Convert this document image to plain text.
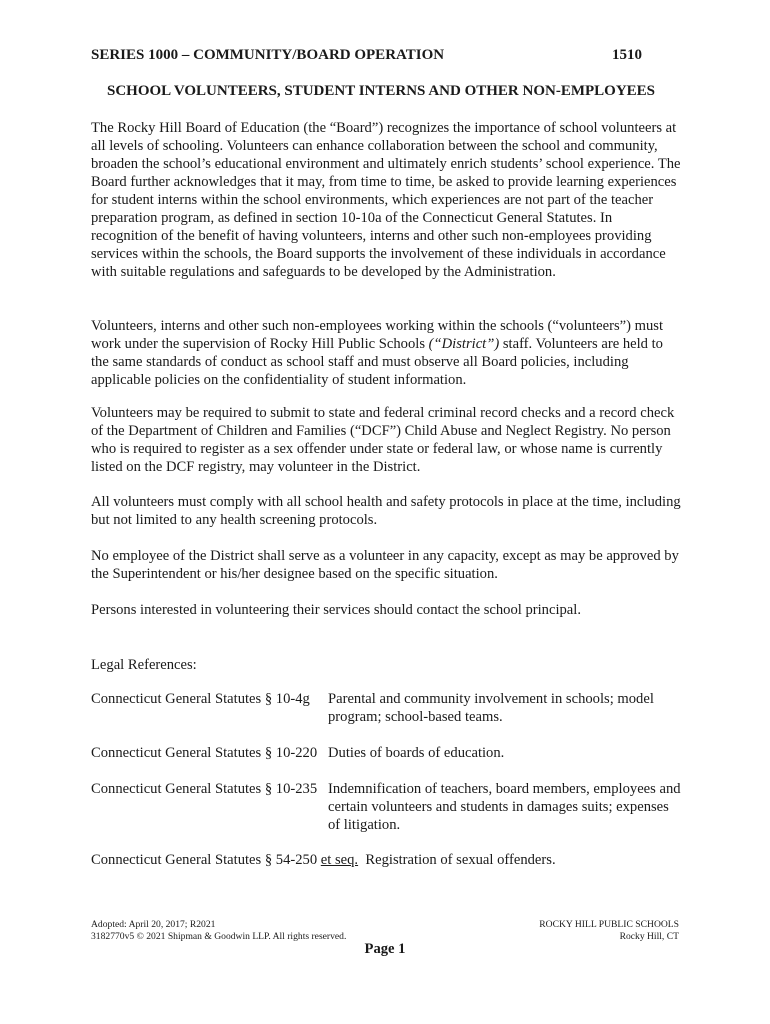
SERIES 1000 – COMMUNITY/BOARD OPERATION	1510
SCHOOL VOLUNTEERS, STUDENT INTERNS AND OTHER NON-EMPLOYEES

The Rocky Hill Board of Education (the “Board”) recognizes the importance of school volunteers at all levels of schooling. Volunteers can enhance collaboration between the school and community, broaden the school’s educational environment and ultimately enrich students’ school experience. The Board further acknowledges that it may, from time to time, be asked to provide learning experiences for student interns within the school environments, which experiences are not part of the teacher preparation program, as defined in section 10-10a of the Connecticut General Statutes. In recognition of the benefit of having volunteers, interns and other such non-employees providing services within the schools, the Board supports the involvement of these individuals in accordance with suitable regulations and safeguards to be developed by the Administration.

Volunteers, interns and other such non-employees working within the schools (“volunteers”) must work under the supervision of Rocky Hill Public Schools (“District”) staff. Volunteers are held to the same standards of conduct as school staff and must observe all Board policies, including applicable policies on the confidentiality of student information.

Volunteers may be required to submit to state and federal criminal record checks and a record check of the Department of Children and Families (“DCF”) Child Abuse and Neglect Registry. No person who is required to register as a sex offender under state or federal law, or whose name is currently listed on the DCF registry, may volunteer in the District.

All volunteers must comply with all school health and safety protocols in place at the time, including but not limited to any health screening protocols.

No employee of the District shall serve as a volunteer in any capacity, except as may be approved by the Superintendent or his/her designee based on the specific situation.

Persons interested in volunteering their services should contact the school principal.

Legal References:
Connecticut General Statutes § 10-4g Parental and community involvement in schools; model program; school-based teams.
Connecticut General Statutes § 10-220 Duties of boards of education.
Connecticut General Statutes § 10-235 Indemnification of teachers, board members, employees and certain volunteers and students in damages suits; expenses of litigation.
Connecticut General Statutes § 54-250 et seq. Registration of sexual offenders.
Adopted: April 20, 2017; R2021
3182770v5 © 2021 Shipman & Goodwin LLP. All rights reserved.
ROCKY HILL PUBLIC SCHOOLS
Rocky Hill, CT
Page 1
